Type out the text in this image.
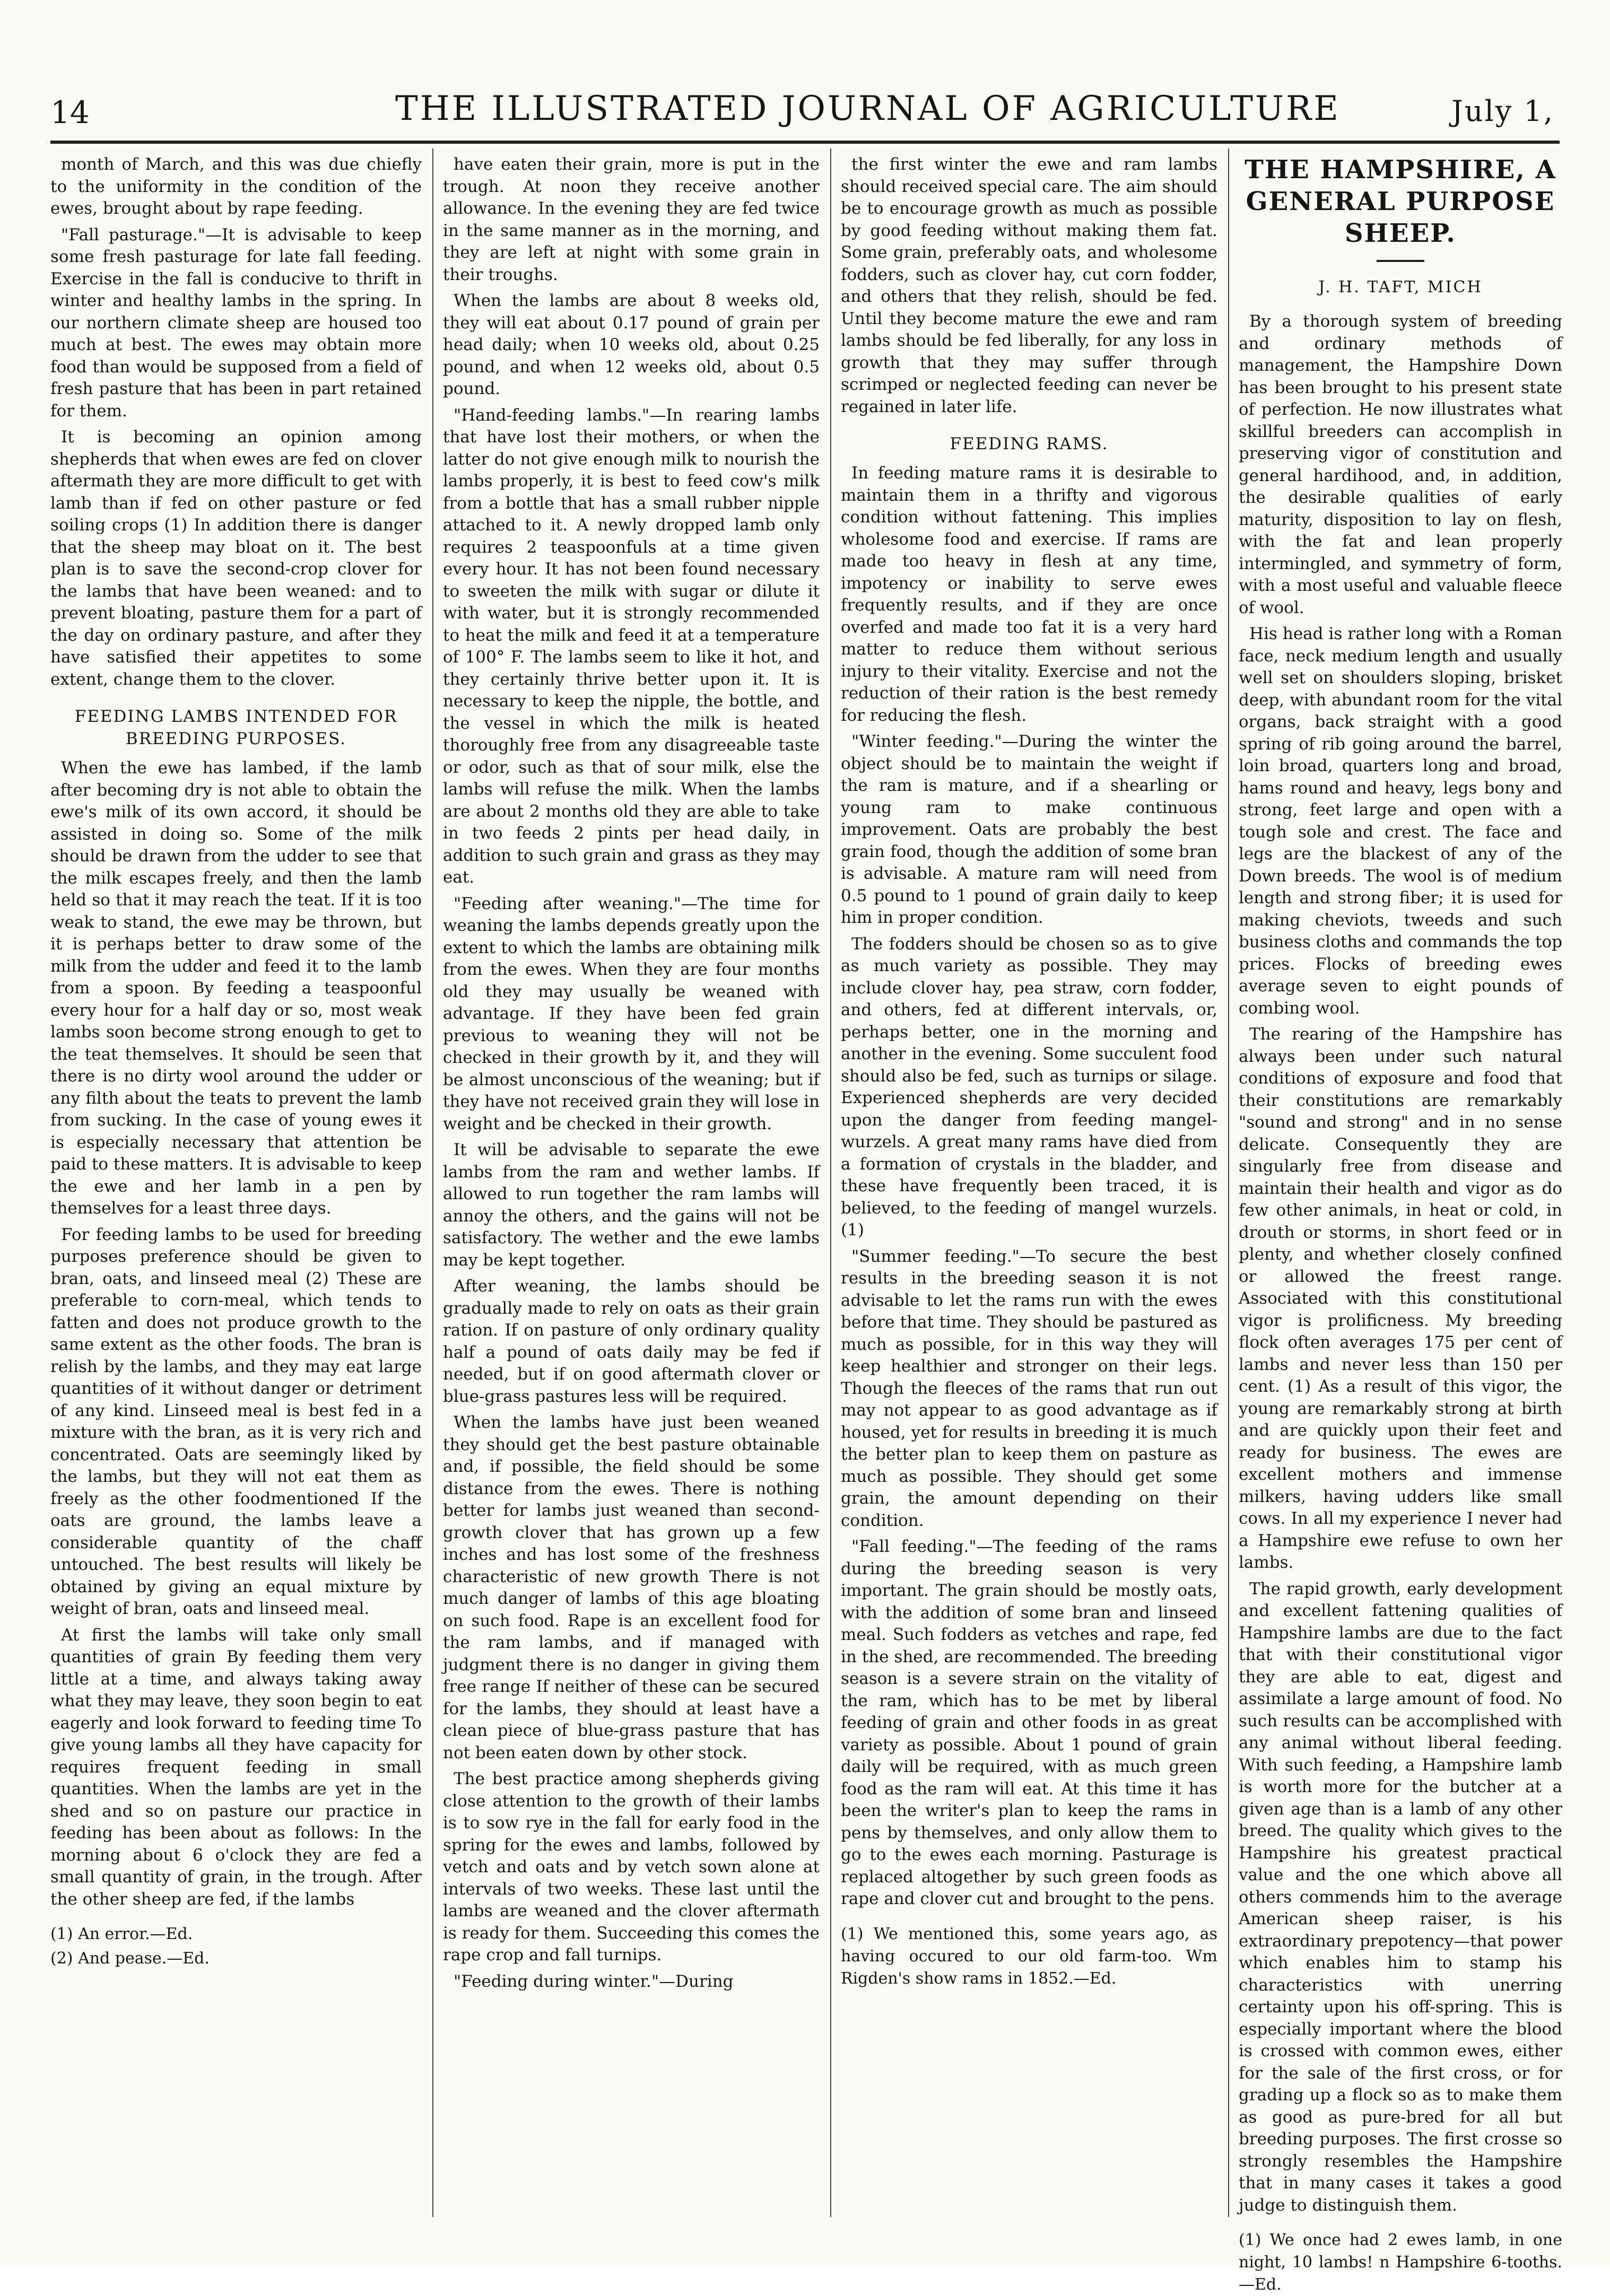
14	THE ILLUSTRATED JOURNAL OF AGRICULTURE	July 1,

month of March, and this was due chiefly to the uniformity in the condition of the ewes, brought about by rape feeding.

"Fall pasturage."—It is advisable to keep some fresh pasturage for late fall feeding. Exercise in the fall is conducive to thrift in winter and healthy lambs in the spring. In our northern climate sheep are housed too much at best. The ewes may obtain more food than would be supposed from a field of fresh pasture that has been in part retained for them.

It is becoming an opinion among shepherds that when ewes are fed on clover aftermath they are more difficult to get with lamb than if fed on other pasture or fed soiling crops (1) In addition there is danger that the sheep may bloat on it. The best plan is to save the second-crop clover for the lambs that have been weaned: and to prevent bloating, pasture them for a part of the day on ordinary pasture, and after they have satisfied their appetites to some extent, change them to the clover.

FEEDING LAMBS INTENDED FOR BREEDING PURPOSES.

When the ewe has lambed, if the lamb after becoming dry is not able to obtain the ewe's milk of its own accord, it should be assisted in doing so. Some of the milk should be drawn from the udder to see that the milk escapes freely, and then the lamb held so that it may reach the teat. If it is too weak to stand, the ewe may be thrown, but it is perhaps better to draw some of the milk from the udder and feed it to the lamb from a spoon. By feeding a teaspoonful every hour for a half day or so, most weak lambs soon become strong enough to get to the teat themselves. It should be seen that there is no dirty wool around the udder or any filth about the teats to prevent the lamb from sucking. In the case of young ewes it is especially necessary that attention be paid to these matters. It is advisable to keep the ewe and her lamb in a pen by themselves for a least three days.

For feeding lambs to be used for breeding purposes preference should be given to bran, oats, and linseed meal (2) These are preferable to corn-meal, which tends to fatten and does not produce growth to the same extent as the other foods. The bran is relish by the lambs, and they may eat large quantities of it without danger or detriment of any kind. Linseed meal is best fed in a mixture with the bran, as it is very rich and concentrated. Oats are seemingly liked by the lambs, but they will not eat them as freely as the other foodmentioned If the oats are ground, the lambs leave a considerable quantity of the chaff untouched. The best results will likely be obtained by giving an equal mixture by weight of bran, oats and linseed meal.

At first the lambs will take only small quantities of grain By feeding them very little at a time, and always taking away what they may leave, they soon begin to eat eagerly and look forward to feeding time To give young lambs all they have capacity for requires frequent feeding in small quantities. When the lambs are yet in the shed and so on pasture our practice in feeding has been about as follows: In the morning about 6 o'clock they are fed a small quantity of grain, in the trough. After the other sheep are fed, if the lambs

(1) An error.—Ed.
(2) And pease.—Ed.

have eaten their grain, more is put in the trough. At noon they receive another allowance. In the evening they are fed twice in the same manner as in the morning, and they are left at night with some grain in their troughs.

When the lambs are about 8 weeks old, they will eat about 0.17 pound of grain per head daily; when 10 weeks old, about 0.25 pound, and when 12 weeks old, about 0.5 pound.

"Hand-feeding lambs."—In rearing lambs that have lost their mothers, or when the latter do not give enough milk to nourish the lambs properly, it is best to feed cow's milk from a bottle that has a small rubber nipple attached to it. A newly dropped lamb only requires 2 teaspoonfuls at a time given every hour. It has not been found necessary to sweeten the milk with sugar or dilute it with water, but it is strongly recommended to heat the milk and feed it at a temperature of 100° F. The lambs seem to like it hot, and they certainly thrive better upon it. It is necessary to keep the nipple, the bottle, and the vessel in which the milk is heated thoroughly free from any disagreeable taste or odor, such as that of sour milk, else the lambs will refuse the milk. When the lambs are about 2 months old they are able to take in two feeds 2 pints per head daily, in addition to such grain and grass as they may eat.

"Feeding after weaning."—The time for weaning the lambs depends greatly upon the extent to which the lambs are obtaining milk from the ewes. When they are four months old they may usually be weaned with advantage. If they have been fed grain previous to weaning they will not be checked in their growth by it, and they will be almost unconscious of the weaning; but if they have not received grain they will lose in weight and be checked in their growth.

It will be advisable to separate the ewe lambs from the ram and wether lambs. If allowed to run together the ram lambs will annoy the others, and the gains will not be satisfactory. The wether and the ewe lambs may be kept together.

After weaning, the lambs should be gradually made to rely on oats as their grain ration. If on pasture of only ordinary quality half a pound of oats daily may be fed if needed, but if on good aftermath clover or blue-grass pastures less will be required.

When the lambs have just been weaned they should get the best pasture obtainable and, if possible, the field should be some distance from the ewes. There is nothing better for lambs just weaned than second-growth clover that has grown up a few inches and has lost some of the freshness characteristic of new growth There is not much danger of lambs of this age bloating on such food. Rape is an excellent food for the ram lambs, and if managed with judgment there is no danger in giving them free range If neither of these can be secured for the lambs, they should at least have a clean piece of blue-grass pasture that has not been eaten down by other stock.

The best practice among shepherds giving close attention to the growth of their lambs is to sow rye in the fall for early food in the spring for the ewes and lambs, followed by vetch and oats and by vetch sown alone at intervals of two weeks. These last until the lambs are weaned and the clover aftermath is ready for them. Succeeding this comes the rape crop and fall turnips.

"Feeding during winter."—During

the first winter the ewe and ram lambs should received special care. The aim should be to encourage growth as much as possible by good feeding without making them fat. Some grain, preferably oats, and wholesome fodders, such as clover hay, cut corn fodder, and others that they relish, should be fed. Until they become mature the ewe and ram lambs should be fed liberally, for any loss in growth that they may suffer through scrimped or neglected feeding can never be regained in later life.

FEEDING RAMS.

In feeding mature rams it is desirable to maintain them in a thrifty and vigorous condition without fattening. This implies wholesome food and exercise. If rams are made too heavy in flesh at any time, impotency or inability to serve ewes frequently results, and if they are once overfed and made too fat it is a very hard matter to reduce them without serious injury to their vitality. Exercise and not the reduction of their ration is the best remedy for reducing the flesh.

"Winter feeding."—During the winter the object should be to maintain the weight if the ram is mature, and if a shearling or young ram to make continuous improvement. Oats are probably the best grain food, though the addition of some bran is advisable. A mature ram will need from 0.5 pound to 1 pound of grain daily to keep him in proper condition.

The fodders should be chosen so as to give as much variety as possible. They may include clover hay, pea straw, corn fodder, and others, fed at different intervals, or, perhaps better, one in the morning and another in the evening. Some succulent food should also be fed, such as turnips or silage. Experienced shepherds are very decided upon the danger from feeding mangel-wurzels. A great many rams have died from a formation of crystals in the bladder, and these have frequently been traced, it is believed, to the feeding of mangel wurzels. (1)

"Summer feeding."—To secure the best results in the breeding season it is not advisable to let the rams run with the ewes before that time. They should be pastured as much as possible, for in this way they will keep healthier and stronger on their legs. Though the fleeces of the rams that run out may not appear to as good advantage as if housed, yet for results in breeding it is much the better plan to keep them on pasture as much as possible. They should get some grain, the amount depending on their condition.

"Fall feeding."—The feeding of the rams during the breeding season is very important. The grain should be mostly oats, with the addition of some bran and linseed meal. Such fodders as vetches and rape, fed in the shed, are recommended. The breeding season is a severe strain on the vitality of the ram, which has to be met by liberal feeding of grain and other foods in as great variety as possible. About 1 pound of grain daily will be required, with as much green food as the ram will eat. At this time it has been the writer's plan to keep the rams in pens by themselves, and only allow them to go to the ewes each morning. Pasturage is replaced altogether by such green foods as rape and clover cut and brought to the pens.

(1) We mentioned this, some years ago, as having occured to our old farm-too. Wm Rigden's show rams in 1852.—Ed.
THE HAMPSHIRE, A GENERAL PURPOSE SHEEP.
J. H. TAFT, MICH

By a thorough system of breeding and ordinary methods of management, the Hampshire Down has been brought to his present state of perfection. He now illustrates what skillful breeders can accomplish in preserving vigor of constitution and general hardihood, and, in addition, the desirable qualities of early maturity, disposition to lay on flesh, with the fat and lean properly intermingled, and symmetry of form, with a most useful and valuable fleece of wool.

His head is rather long with a Roman face, neck medium length and usually well set on shoulders sloping, brisket deep, with abundant room for the vital organs, back straight with a good spring of rib going around the barrel, loin broad, quarters long and broad, hams round and heavy, legs bony and strong, feet large and open with a tough sole and crest. The face and legs are the blackest of any of the Down breeds. The wool is of medium length and strong fiber; it is used for making cheviots, tweeds and such business cloths and commands the top prices. Flocks of breeding ewes average seven to eight pounds of combing wool.

The rearing of the Hampshire has always been under such natural conditions of exposure and food that their constitutions are remarkably "sound and strong" and in no sense delicate. Consequently they are singularly free from disease and maintain their health and vigor as do few other animals, in heat or cold, in drouth or storms, in short feed or in plenty, and whether closely confined or allowed the freest range. Associated with this constitutional vigor is prolificness. My breeding flock often averages 175 per cent of lambs and never less than 150 per cent. (1) As a result of this vigor, the young are remarkably strong at birth and are quickly upon their feet and ready for business. The ewes are excellent mothers and immense milkers, having udders like small cows. In all my experience I never had a Hampshire ewe refuse to own her lambs.

The rapid growth, early development and excellent fattening qualities of Hampshire lambs are due to the fact that with their constitutional vigor they are able to eat, digest and assimilate a large amount of food. No such results can be accomplished with any animal without liberal feeding. With such feeding, a Hampshire lamb is worth more for the butcher at a given age than is a lamb of any other breed. The quality which gives to the Hampshire his greatest practical value and the one which above all others commends him to the average American sheep raiser, is his extraordinary prepotency—that power which enables him to stamp his characteristics with unerring certainty upon his off-spring. This is especially important where the blood is crossed with common ewes, either for the sale of the first cross, or for grading up a flock so as to make them as good as pure-bred for all but breeding purposes. The first crosse so strongly resembles the Hampshire that in many cases it takes a good judge to distinguish them.

(1) We once had 2 ewes lamb, in one night, 10 lambs! n Hampshire 6-tooths.—Ed.
